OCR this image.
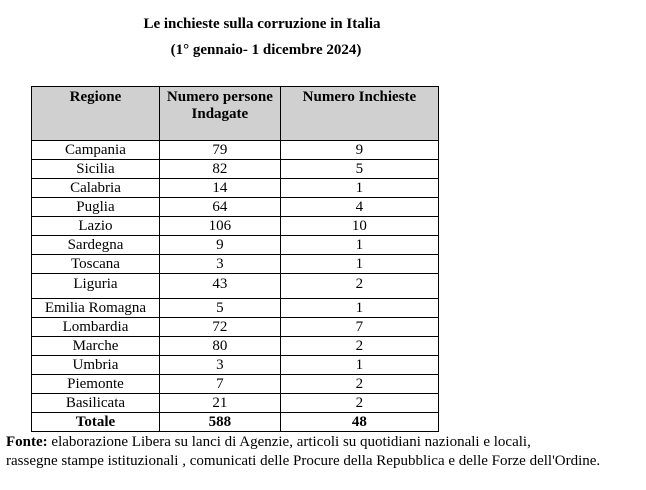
Le inchieste sulla corruzione in Italia
(1° gennaio- 1 dicembre 2024)
Regione	Numero persone Indagate	Numero Inchieste
Campania	79	9
Sicilia	82	5
Calabria	14	1
Puglia	64	4
Lazio	106	10
Sardegna	9	1
Toscana	3	1
Liguria	43	2
Emilia Romagna	5	1
Lombardia	72	7
Marche	80	2
Umbria	3	1
Piemonte	7	2
Basilicata	21	2
Totale	588	48
Fonte: elaborazione Libera su lanci di Agenzie, articoli su quotidiani nazionali e locali,
rassegne stampe istituzionali , comunicati delle Procure della Repubblica e delle Forze dell'Ordine.
